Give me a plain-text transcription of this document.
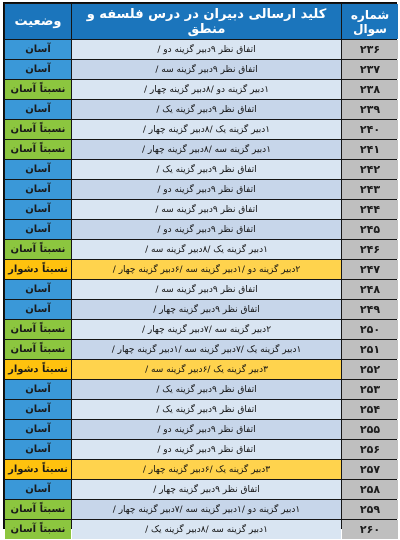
شماره سوال	کلید ارسالی دبیران در درس فلسفه و منطق	وضعیت
۲۳۶	اتفاق نظر ۹دبیر گزینه دو /	آسان
۲۳۷	اتفاق نظر ۹دبیر گزینه سه /	آسان
۲۳۸	۱دبیر گزینه دو /۸دبیر گزینه چهار /	نسبتاً آسان
۲۳۹	اتفاق نظر ۹دبیر گزینه یک /	آسان
۲۴۰	۱دبیر گزینه یک /۸دبیر گزینه چهار /	نسبتاً آسان
۲۴۱	۱دبیر گزینه سه /۸دبیر گزینه چهار /	نسبتاً آسان
۲۴۲	اتفاق نظر ۹دبیر گزینه یک /	آسان
۲۴۳	اتفاق نظر ۹دبیر گزینه دو /	آسان
۲۴۴	اتفاق نظر ۹دبیر گزینه سه /	آسان
۲۴۵	اتفاق نظر ۹دبیر گزینه دو /	آسان
۲۴۶	۱دبیر گزینه یک /۸دبیر گزینه سه /	نسبتاً آسان
۲۴۷	۲دبیر گزینه دو /۱دبیر گزینه سه /۶دبیر گزینه چهار /	نسبتاً دشوار
۲۴۸	اتفاق نظر ۹دبیر گزینه سه /	آسان
۲۴۹	اتفاق نظر ۹دبیر گزینه چهار /	آسان
۲۵۰	۲دبیر گزینه سه /۷دبیر گزینه چهار /	نسبتاً آسان
۲۵۱	۱دبیر گزینه یک /۷دبیر گزینه سه /۱دبیر گزینه چهار /	نسبتاً آسان
۲۵۲	۳دبیر گزینه یک /۶دبیر گزینه سه /	نسبتاً دشوار
۲۵۳	اتفاق نظر ۹دبیر گزینه یک /	آسان
۲۵۴	اتفاق نظر ۹دبیر گزینه یک /	آسان
۲۵۵	اتفاق نظر ۹دبیر گزینه دو /	آسان
۲۵۶	اتفاق نظر ۹دبیر گزینه دو /	آسان
۲۵۷	۳دبیر گزینه یک /۶دبیر گزینه چهار /	نسبتاً دشوار
۲۵۸	اتفاق نظر ۹دبیر گزینه چهار /	آسان
۲۵۹	۱دبیر گزینه دو /۱دبیر گزینه سه /۷دبیر گزینه چهار /	نسبتاً آسان
۲۶۰	۱دبیر گزینه سه /۸دبیر گزینه یک /	نسبتاً آسان
